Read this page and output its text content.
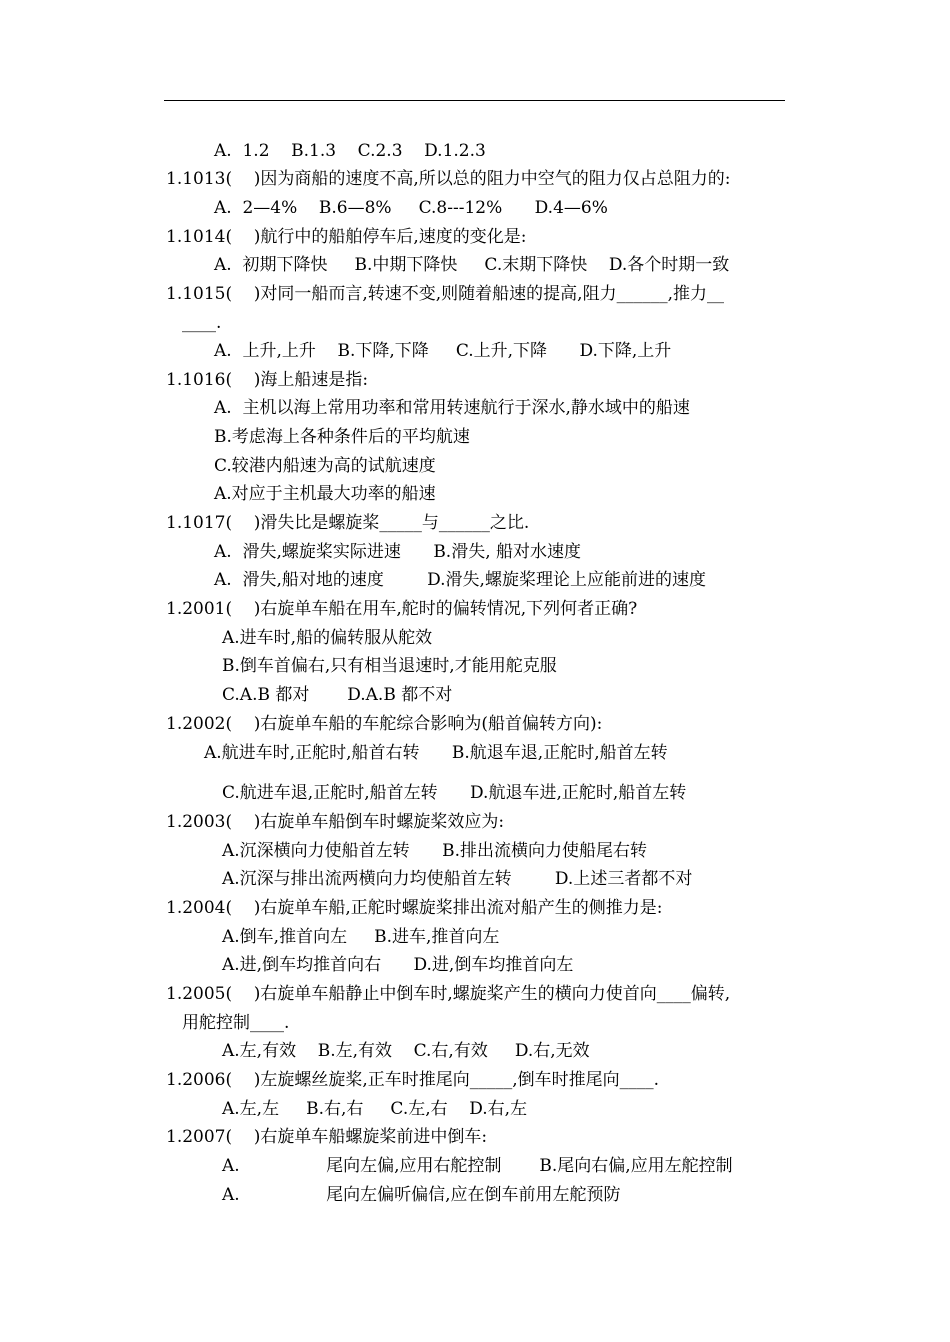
A.  1.2    B.1.3    C.2.3    D.1.2.3
1.1013(    )因为商船的速度不高,所以总的阻力中空气的阻力仅占总阻力的:
A.  2—4%    B.6—8%     C.8---12%      D.4—6%
1.1014(    )航行中的船舶停车后,速度的变化是:
A.  初期下降快     B.中期下降快     C.末期下降快    D.各个时期一致
1.1015(    )对同一船而言,转速不变,则随着船速的提高,阻力______,推力__
____.
A.  上升,上升    B.下降,下降     C.上升,下降      D.下降,上升
1.1016(    )海上船速是指:
A.  主机以海上常用功率和常用转速航行于深水,静水域中的船速
B.考虑海上各种条件后的平均航速
C.较港内船速为高的试航速度
A.对应于主机最大功率的船速
1.1017(    )滑失比是螺旋桨_____与______之比.
A.  滑失,螺旋桨实际进速      B.滑失, 船对水速度
A.  滑失,船对地的速度        D.滑失,螺旋桨理论上应能前进的速度
1.2001(    )右旋单车船在用车,舵时的偏转情况,下列何者正确?
A.进车时,船的偏转服从舵效
B.倒车首偏右,只有相当退速时,才能用舵克服
C.A.B 都对       D.A.B 都不对
1.2002(    )右旋单车船的车舵综合影响为(船首偏转方向):
A.航进车时,正舵时,船首右转      B.航退车退,正舵时,船首左转
C.航进车退,正舵时,船首左转      D.航退车进,正舵时,船首左转
1.2003(    )右旋单车船倒车时螺旋桨效应为:
A.沉深横向力使船首左转      B.排出流横向力使船尾右转
A.沉深与排出流两横向力均使船首左转        D.上述三者都不对
1.2004(    )右旋单车船,正舵时螺旋桨排出流对船产生的侧推力是:
A.倒车,推首向左     B.进车,推首向左
A.进,倒车均推首向右      D.进,倒车均推首向左
1.2005(    )右旋单车船静止中倒车时,螺旋桨产生的横向力使首向____偏转,
用舵控制____.
A.左,有效    B.左,有效    C.右,有效     D.右,无效
1.2006(    )左旋螺丝旋桨,正车时推尾向_____,倒车时推尾向____.
A.左,左     B.右,右     C.左,右    D.右,左
1.2007(    )右旋单车船螺旋桨前进中倒车:
A.                尾向左偏,应用右舵控制       B.尾向右偏,应用左舵控制
A.                尾向左偏听偏信,应在倒车前用左舵预防
